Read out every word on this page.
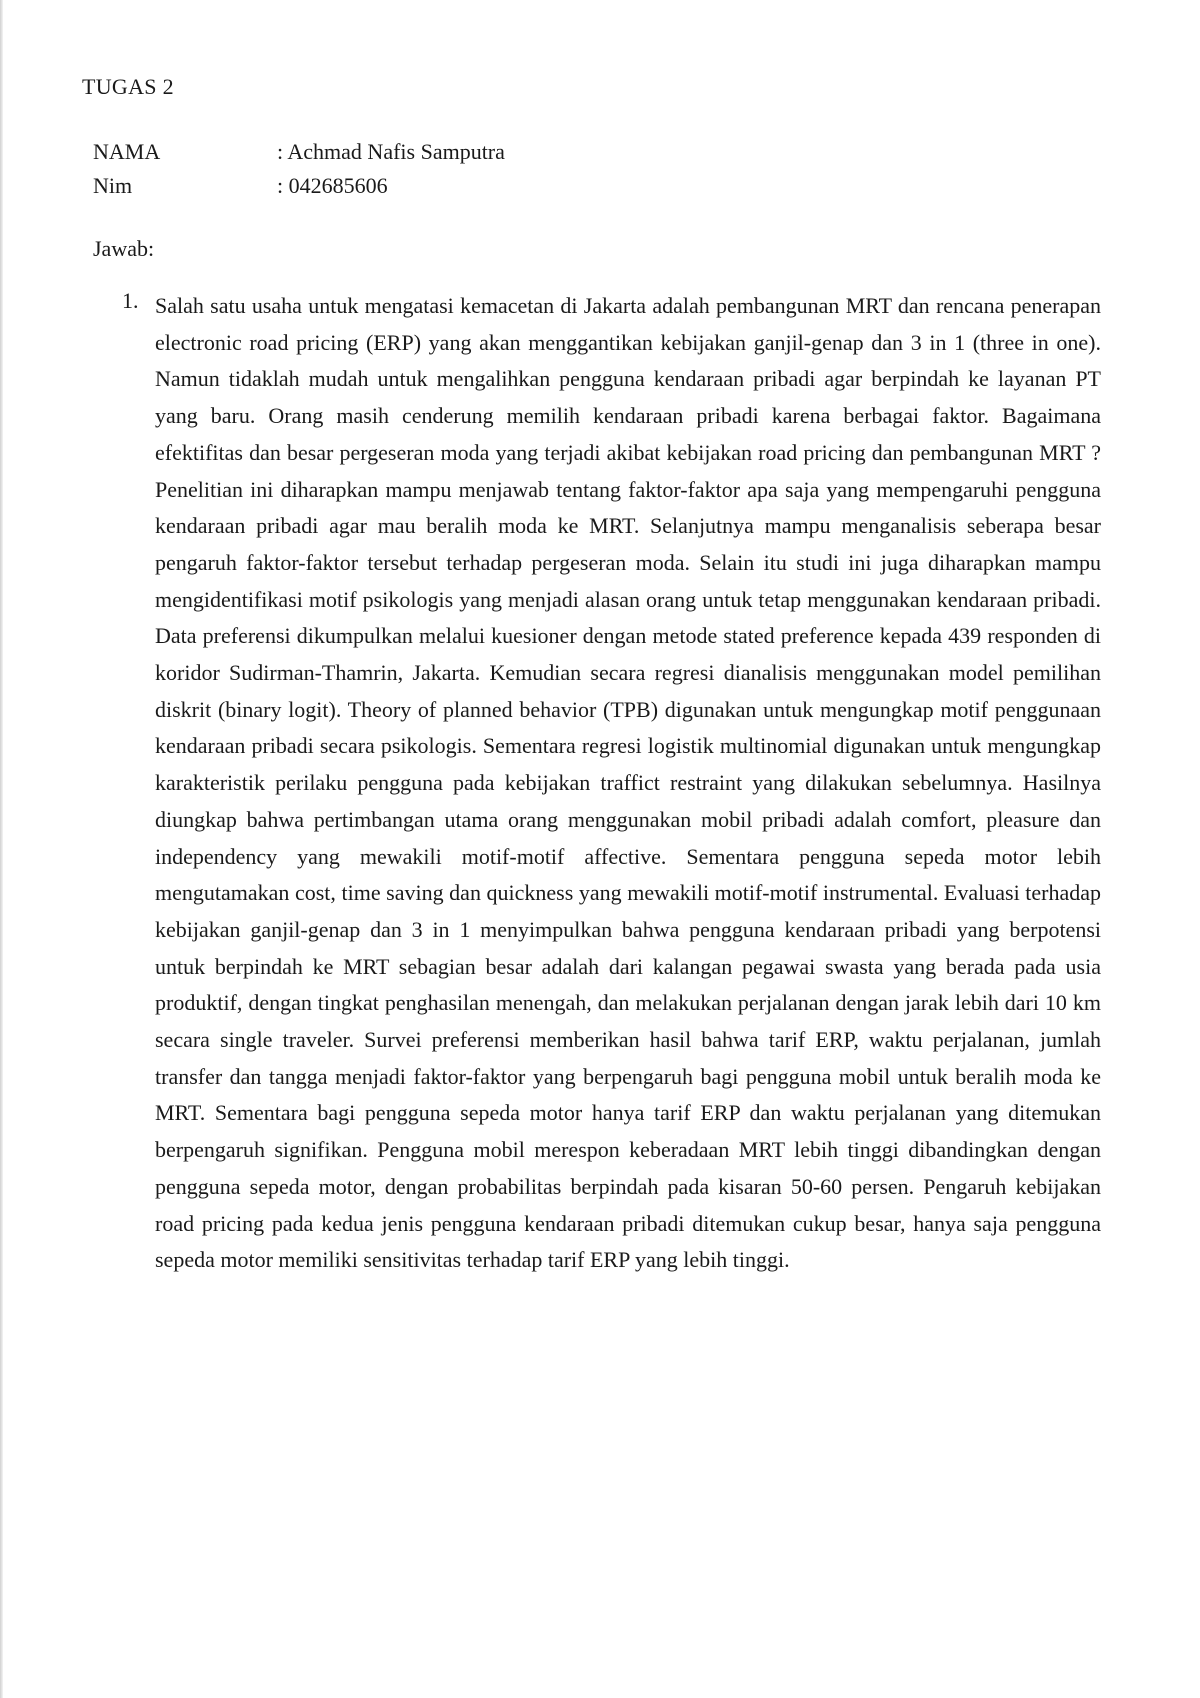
TUGAS 2
NAMA	: Achmad Nafis Samputra
Nim	: 042685606

Jawab:

1. Salah satu usaha untuk mengatasi kemacetan di Jakarta adalah pembangunan MRT dan rencana penerapan electronic road pricing (ERP) yang akan menggantikan kebijakan ganjil-genap dan 3 in 1 (three in one). Namun tidaklah mudah untuk mengalihkan pengguna kendaraan pribadi agar berpindah ke layanan PT yang baru. Orang masih cenderung memilih kendaraan pribadi karena berbagai faktor. Bagaimana efektifitas dan besar pergeseran moda yang terjadi akibat kebijakan road pricing dan pembangunan MRT ? Penelitian ini diharapkan mampu menjawab tentang faktor-faktor apa saja yang mempengaruhi pengguna kendaraan pribadi agar mau beralih moda ke MRT. Selanjutnya mampu menganalisis seberapa besar pengaruh faktor-faktor tersebut terhadap pergeseran moda. Selain itu studi ini juga diharapkan mampu mengidentifikasi motif psikologis yang menjadi alasan orang untuk tetap menggunakan kendaraan pribadi. Data preferensi dikumpulkan melalui kuesioner dengan metode stated preference kepada 439 responden di koridor Sudirman-Thamrin, Jakarta. Kemudian secara regresi dianalisis menggunakan model pemilihan diskrit (binary logit). Theory of planned behavior (TPB) digunakan untuk mengungkap motif penggunaan kendaraan pribadi secara psikologis. Sementara regresi logistik multinomial digunakan untuk mengungkap karakteristik perilaku pengguna pada kebijakan traffict restraint yang dilakukan sebelumnya. Hasilnya diungkap bahwa pertimbangan utama orang menggunakan mobil pribadi adalah comfort, pleasure dan independency yang mewakili motif-motif affective. Sementara pengguna sepeda motor lebih mengutamakan cost, time saving dan quickness yang mewakili motif-motif instrumental. Evaluasi terhadap kebijakan ganjil-genap dan 3 in 1 menyimpulkan bahwa pengguna kendaraan pribadi yang berpotensi untuk berpindah ke MRT sebagian besar adalah dari kalangan pegawai swasta yang berada pada usia produktif, dengan tingkat penghasilan menengah, dan melakukan perjalanan dengan jarak lebih dari 10 km secara single traveler. Survei preferensi memberikan hasil bahwa tarif ERP, waktu perjalanan, jumlah transfer dan tangga menjadi faktor-faktor yang berpengaruh bagi pengguna mobil untuk beralih moda ke MRT. Sementara bagi pengguna sepeda motor hanya tarif ERP dan waktu perjalanan yang ditemukan berpengaruh signifikan. Pengguna mobil merespon keberadaan MRT lebih tinggi dibandingkan dengan pengguna sepeda motor, dengan probabilitas berpindah pada kisaran 50-60 persen. Pengaruh kebijakan road pricing pada kedua jenis pengguna kendaraan pribadi ditemukan cukup besar, hanya saja pengguna sepeda motor memiliki sensitivitas terhadap tarif ERP yang lebih tinggi.
